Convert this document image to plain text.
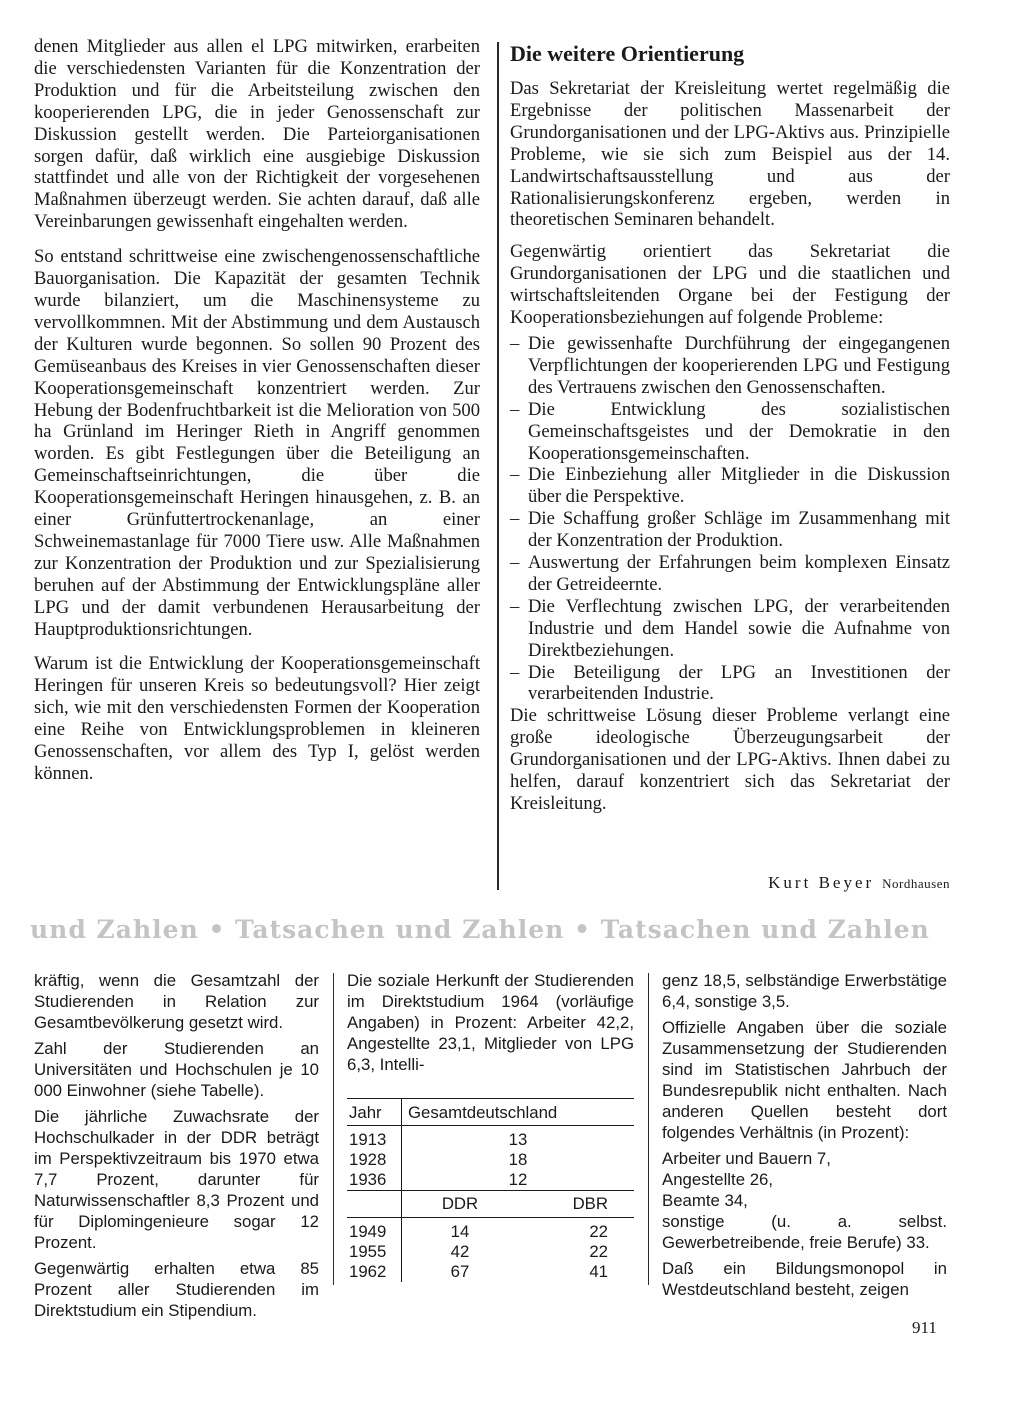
denen Mitglieder aus allen el LPG mitwirken, erarbeiten die verschiedensten Varianten für die Konzentration der Produktion und für die Arbeitsteilung zwischen den kooperierenden LPG, die in jeder Genossenschaft zur Diskussion gestellt werden. Die Parteiorganisationen sorgen dafür, daß wirklich eine ausgiebige Diskussion stattfindet und alle von der Richtigkeit der vorgesehenen Maßnahmen überzeugt werden. Sie achten darauf, daß alle Vereinbarungen gewissenhaft eingehalten werden.

So entstand schrittweise eine zwischengenossenschaftliche Bauorganisation. Die Kapazität der gesamten Technik wurde bilanziert, um die Maschinensysteme zu vervollkommnen. Mit der Abstimmung und dem Austausch der Kulturen wurde begonnen. So sollen 90 Prozent des Gemüseanbaus des Kreises in vier Genossenschaften dieser Kooperationsgemeinschaft konzentriert werden. Zur Hebung der Bodenfruchtbarkeit ist die Melioration von 500 ha Grünland im Heringer Rieth in Angriff genommen worden. Es gibt Festlegungen über die Beteiligung an Gemeinschaftseinrichtungen, die über die Kooperationsgemeinschaft Heringen hinausgehen, z. B. an einer Grünfuttertrockenanlage, an einer Schweinemastanlage für 7000 Tiere usw. Alle Maßnahmen zur Konzentration der Produktion und zur Spezialisierung beruhen auf der Abstimmung der Entwicklungspläne aller LPG und der damit verbundenen Herausarbeitung der Hauptproduktionsrichtungen.

Warum ist die Entwicklung der Kooperationsgemeinschaft Heringen für unseren Kreis so bedeutungsvoll? Hier zeigt sich, wie mit den verschiedensten Formen der Kooperation eine Reihe von Entwicklungsproblemen in kleineren Genossenschaften, vor allem des Typ I, gelöst werden können.

Die weitere Orientierung

Das Sekretariat der Kreisleitung wertet regelmäßig die Ergebnisse der politischen Massenarbeit der Grundorganisationen und der LPG-Aktivs aus. Prinzipielle Probleme, wie sie sich zum Beispiel aus der 14. Landwirtschaftsausstellung und aus der Rationalisierungskonferenz ergeben, werden in theoretischen Seminaren behandelt.

Gegenwärtig orientiert das Sekretariat die Grundorganisationen der LPG und die staatlichen und wirtschaftsleitenden Organe bei der Festigung der Kooperationsbeziehungen auf folgende Probleme:

– Die gewissenhafte Durchführung der eingegangenen Verpflichtungen der kooperierenden LPG und Festigung des Vertrauens zwischen den Genossenschaften.
– Die Entwicklung des sozialistischen Gemeinschaftsgeistes und der Demokratie in den Kooperationsgemeinschaften.
– Die Einbeziehung aller Mitglieder in die Diskussion über die Perspektive.
– Die Schaffung großer Schläge im Zusammenhang mit der Konzentration der Produktion.
– Auswertung der Erfahrungen beim komplexen Einsatz der Getreideernte.
– Die Verflechtung zwischen LPG, der verarbeitenden Industrie und dem Handel sowie die Aufnahme von Direktbeziehungen.
– Die Beteiligung der LPG an Investitionen der verarbeitenden Industrie.

Die schrittweise Lösung dieser Probleme verlangt eine große ideologische Überzeugungsarbeit der Grundorganisationen und der LPG-Aktivs. Ihnen dabei zu helfen, darauf konzentriert sich das Sekretariat der Kreisleitung.

Kurt Beyer Nordhausen
und Zahlen • Tatsachen und Zahlen • Tatsachen und Zahlen

kräftig, wenn die Gesamtzahl der Studierenden in Relation zur Gesamtbevölkerung gesetzt wird.

Zahl der Studierenden an Universitäten und Hochschulen je 10 000 Einwohner (siehe Tabelle).

Die jährliche Zuwachsrate der Hochschulkader in der DDR beträgt im Perspektivzeitraum bis 1970 etwa 7,7 Prozent, darunter für Naturwissenschaftler 8,3 Prozent und für Diplomingenieure sogar 12 Prozent.

Gegenwärtig erhalten etwa 85 Prozent aller Studierenden im Direktstudium ein Stipendium.

Die soziale Herkunft der Studierenden im Direktstudium 1964 (vorläufige Angaben) in Prozent: Arbeiter 42,2, Angestellte 23,1, Mitglieder von LPG 6,3, Intelli-

Jahr	Gesamtdeutschland	

1913	13	
1928	18	
1936	12	
	DDR	DBR

1949	14	22
1955	42	22
1962	67	41

genz 18,5, selbständige Erwerbstätige 6,4, sonstige 3,5.

Offizielle Angaben über die soziale Zusammensetzung der Studierenden sind im Statistischen Jahrbuch der Bundesrepublik nicht enthalten. Nach anderen Quellen besteht dort folgendes Verhältnis (in Prozent):

Arbeiter und Bauern 7,
Angestellte 26,
Beamte 34,

sonstige (u. a. selbst. Gewerbetreibende, freie Berufe) 33.

Daß ein Bildungsmonopol in Westdeutschland besteht, zeigen

911
